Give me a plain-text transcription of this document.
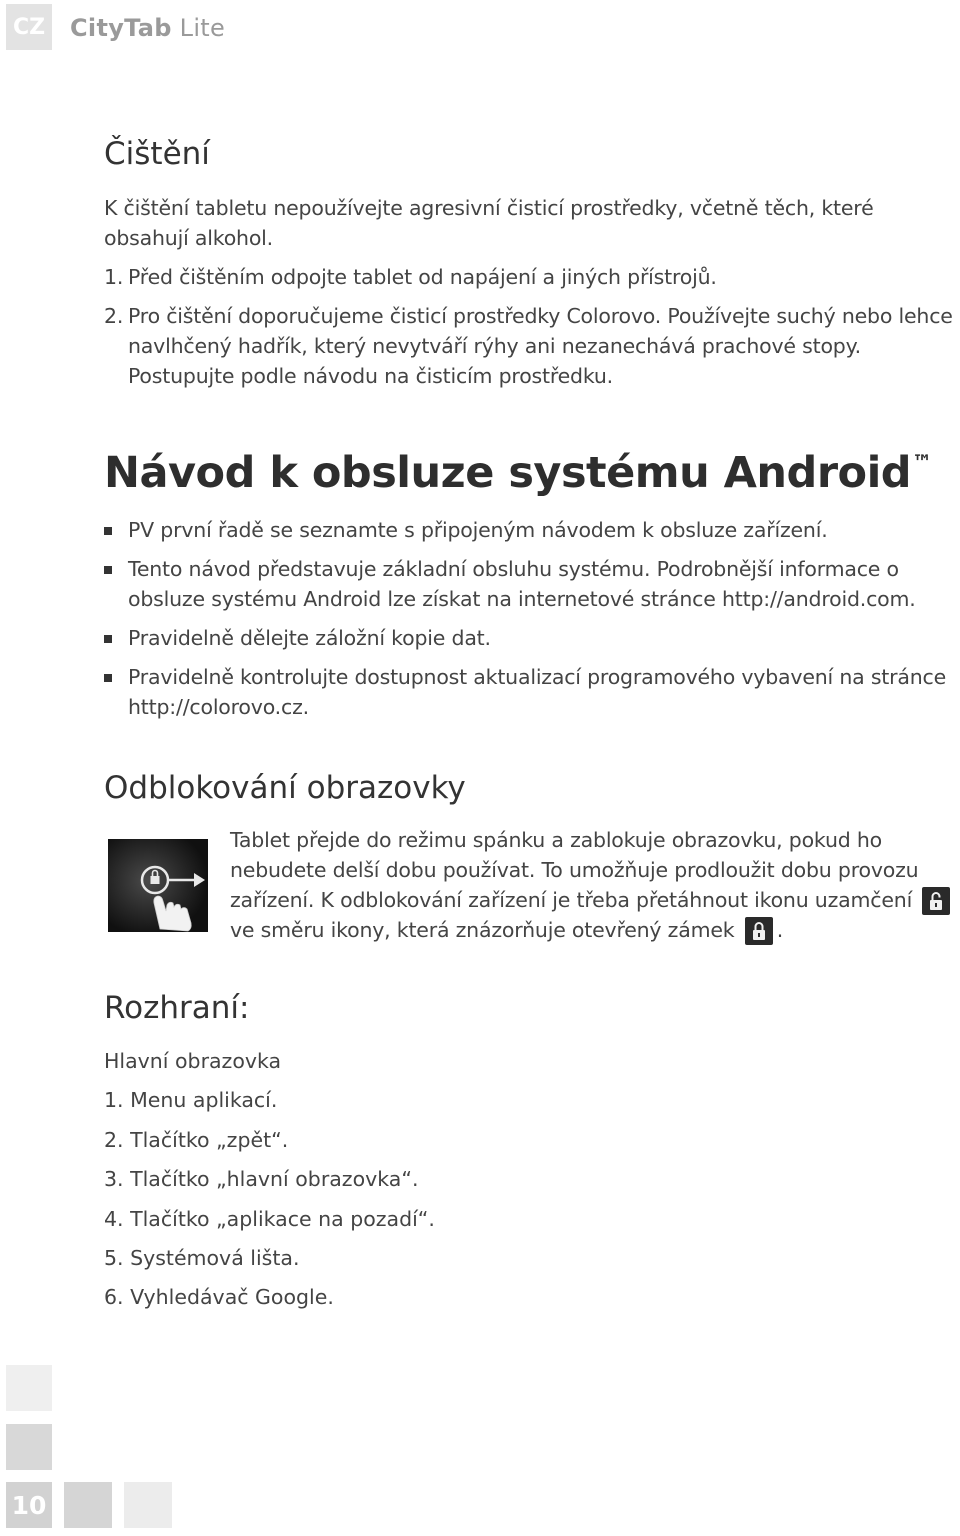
CZ CityTab Lite
Čištění
K čištění tabletu nepoužívejte agresivní čisticí prostředky, včetně těch, které obsahují alkohol.
1. Před čištěním odpojte tablet od napájení a jiných přístrojů.
2. Pro čištění doporučujeme čisticí prostředky Colorovo. Používejte suchý nebo lehce navlhčený hadřík, který nevytváří rýhy ani nezanechává prachové stopy. Postupujte podle návodu na čisticím prostředku.
Návod k obsluze systému Android™
PV první řadě se seznamte s připojeným návodem k obsluze zařízení.
Tento návod představuje základní obsluhu systému. Podrobnější informace o obsluze systému Android lze získat na internetové stránce http://android.com.
Pravidelně dělejte záložní kopie dat.
Pravidelně kontrolujte dostupnost aktualizací programového vybavení na stránce http://colorovo.cz.
Odblokování obrazovky
Tablet přejde do režimu spánku a zablokuje obrazovku, pokud ho nebudete delší dobu používat. To umožňuje prodloužit dobu provozu zařízení. K odblokování zařízení je třeba přetáhnout ikonu uzamčení  ve směru ikony, která znázorňuje otevřený zámek .
Rozhraní:
Hlavní obrazovka
1. Menu aplikací.
2. Tlačítko „zpět“.
3. Tlačítko „hlavní obrazovka“.
4. Tlačítko „aplikace na pozadí“.
5. Systémová lišta.
6. Vyhledávač Google.
10
